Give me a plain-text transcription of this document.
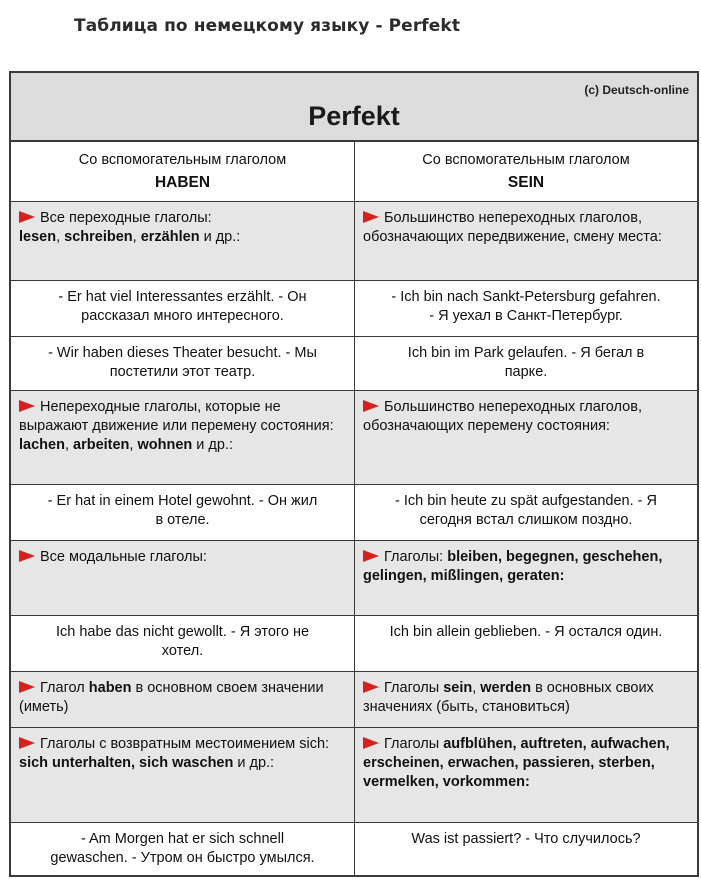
Таблица по немецкому языку - Perfekt
(c) Deutsch-online
Perfekt
Со вспомогательным глаголом
HABEN
Со вспомогательным глаголом
SEIN
Все переходные глаголы:
lesen, schreiben, erzählen и др.:
Большинство непереходных глаголов, обозначающих передвижение, смену места:
- Er hat viel Interessantes erzählt. - Он
рассказал много интересного.
- Ich bin nach Sankt-Petersburg gefahren.
- Я уехал в Санкт-Петербург.
- Wir haben dieses Theater besucht. - Мы
постетили этот театр.
Ich bin im Park gelaufen. - Я бегал в
парке.
Непереходные глаголы, которые не выражают движение или перемену состояния:
lachen, arbeiten, wohnen и др.:
Большинство непереходных глаголов, обозначающих перемену состояния:
- Er hat in einem Hotel gewohnt. - Он жил
в отеле.
- Ich bin heute zu spät aufgestanden. - Я
сегодня встал слишком поздно.
Все модальные глаголы:	Глаголы: bleiben, begegnen, geschehen, gelingen, mißlingen, geraten:
Ich habe das nicht gewollt. - Я этого не
хотел.
Ich bin allein geblieben. - Я остался один.
Глагол haben в основном своем значении (иметь)
Глаголы sein, werden в основных своих значениях (быть, становиться)
Глаголы с возвратным местоимением sich: sich unterhalten, sich waschen и др.:
Глаголы aufblühen, auftreten, aufwachen, erscheinen, erwachen, passieren, sterben, vermelken, vorkommen:
- Am Morgen hat er sich schnell
gewaschen. - Утром он быстро умылся.
Was ist passiert? - Что случилось?
